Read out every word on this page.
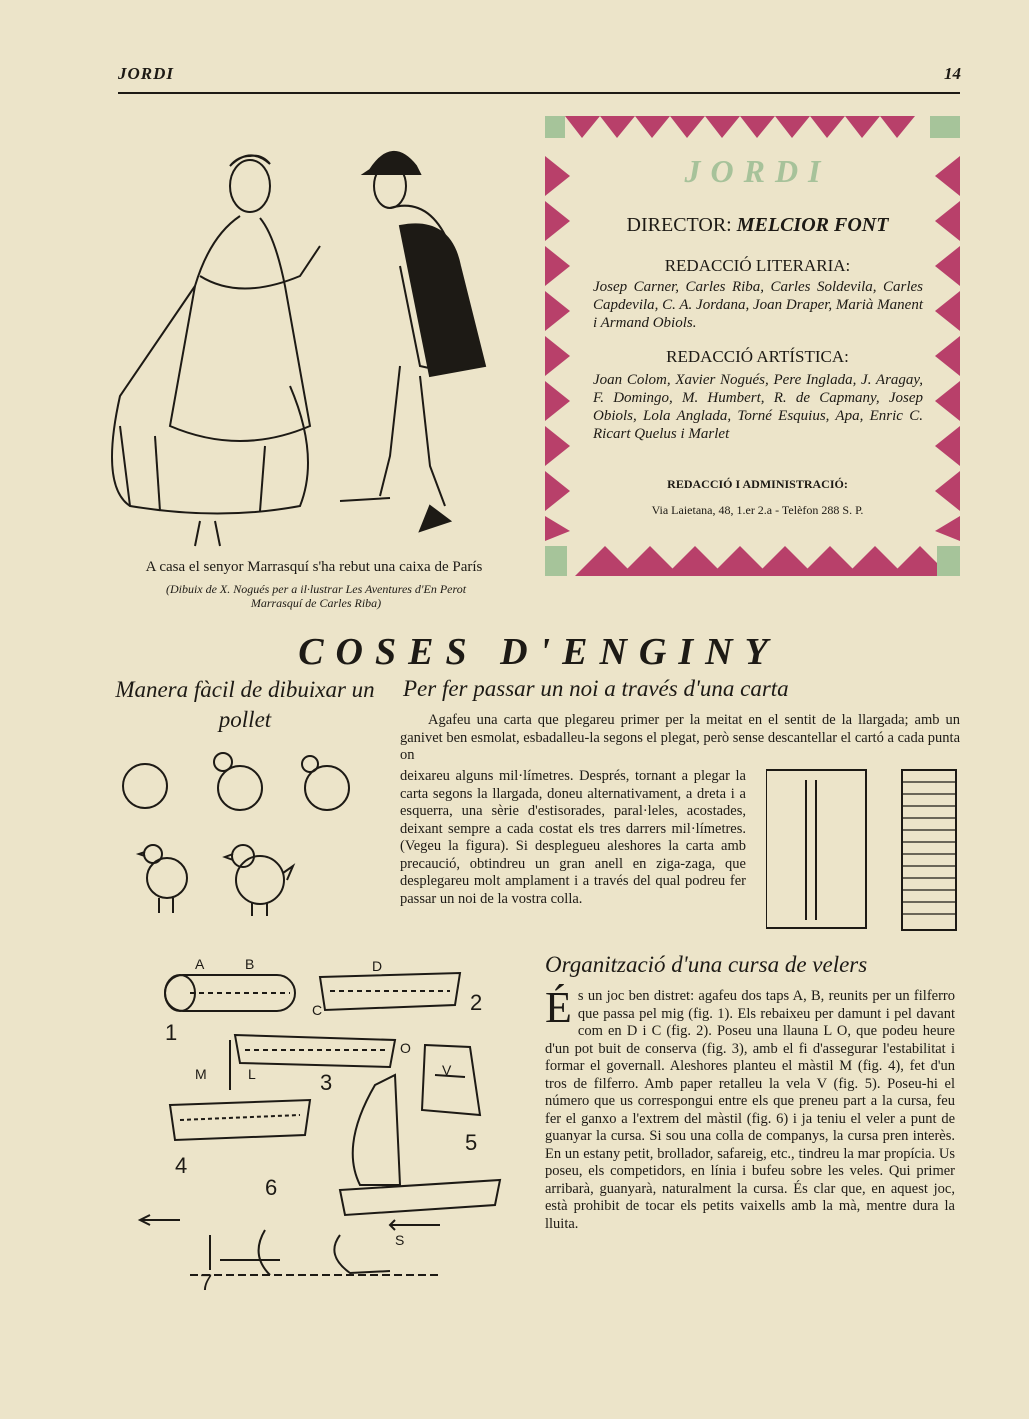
JORDI	14
A casa el senyor Marrasquí s'ha rebut una caixa de París
(Dibuix de X. Nogués per a il·lustrar Les Aventures d'En Perot
Marrasquí de Carles Riba)
JORDI
DIRECTOR: MELCIOR FONT
REDACCIÓ LITERARIA:
Josep Carner, Carles Riba, Carles Soldevila, Carles Capdevila, C. A. Jordana, Joan Draper, Marià Manent i Armand Obiols.
REDACCIÓ ARTÍSTICA:
Joan Colom, Xavier Nogués, Pere Inglada, J. Aragay, F. Domingo, M. Humbert, R. de Capmany, Josep Obiols, Lola Anglada, Torné Esquius, Apa, Enric C. Ricart Quelus i Marlet
REDACCIÓ I ADMINISTRACIÓ:
Via Laietana, 48, 1.er 2.a - Telèfon 288 S. P.
COSES D'ENGINY
Manera fàcil de dibuixar un pollet
Per fer passar un noi a través d'una carta
Agafeu una carta que plegareu primer per la meitat en el sentit de la llargada; amb un ganivet ben esmolat, esbadalleu-la segons el plegat, però sense descantellar el cartó a cada punta on
deixareu alguns mil·límetres. Després, tornant a plegar la carta segons la llargada, doneu alternativament, a dreta i a esquerra, una sèrie d'estisorades, paral·leles, acostades, deixant sempre a cada costat els tres darrers mil·límetres. (Vegeu la figura). Si desplegueu aleshores la carta amb precaució, obtindreu un gran anell en ziga-zaga, que desplegareu molt amplament i a través del qual podreu fer passar un noi de la vostra colla.
Organització d'una cursa de velers
És un joc ben distret: agafeu dos taps A, B, reunits per un filferro que passa pel mig (fig. 1). Els rebaixeu per damunt i pel davant com en D i C (fig. 2). Poseu una llauna L O, que podeu heure d'un pot buit de conserva (fig. 3), amb el fi d'assegurar l'estabilitat i formar el governall. Aleshores planteu el màstil M (fig. 4), fet d'un tros de filferro. Amb paper retalleu la vela V (fig. 5). Poseu-hi el número que us correspongui entre els que preneu part a la cursa, feu fer el ganxo a l'extrem del màstil (fig. 6) i ja teniu el veler a punt de guanyar la cursa. Si sou una colla de companys, la cursa pren interès. En un estany petit, brollador, safareig, etc., tindreu la mar propícia. Us poseu, els competidors, en línia i bufeu sobre les veles. Qui primer arribarà, guanyarà, naturalment la cursa. És clar que, en aquest joc, està prohibit de tocar els petits vaixells amb la mà, mentre dura la lluita.
A	B	D
C
O
L
M	V
S
1
2
3
4
5
6
7
